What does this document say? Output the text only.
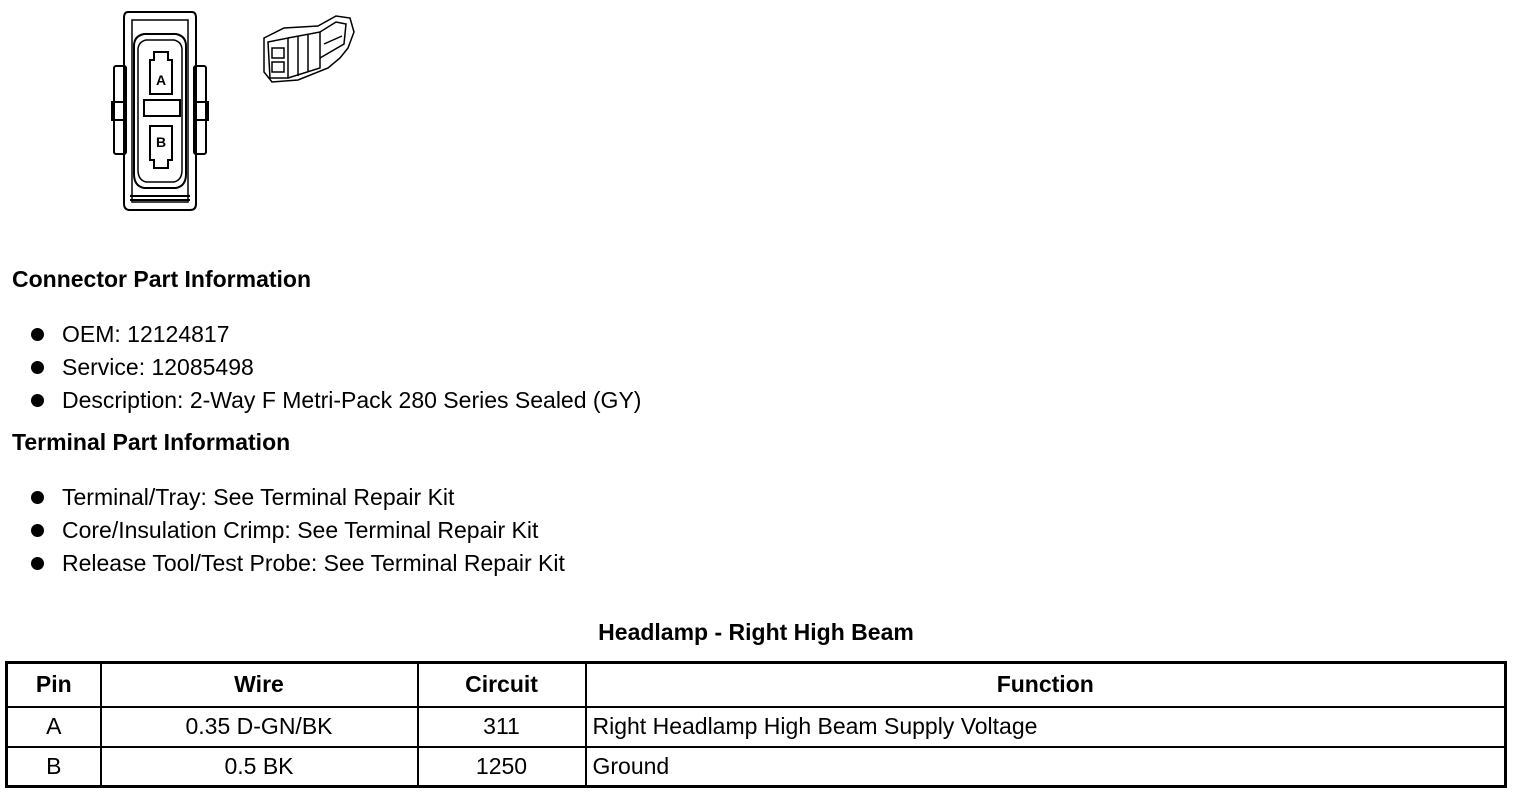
A
B
Connector Part Information
OEM: 12124817
Service: 12085498
Description: 2-Way F Metri-Pack 280 Series Sealed (GY)
Terminal Part Information
Terminal/Tray: See Terminal Repair Kit
Core/Insulation Crimp: See Terminal Repair Kit
Release Tool/Test Probe: See Terminal Repair Kit
Headlamp - Right High Beam
Pin	Wire	Circuit	Function
A	0.35 D-GN/BK	311	Right Headlamp High Beam Supply Voltage
B	0.5 BK	1250	Ground
